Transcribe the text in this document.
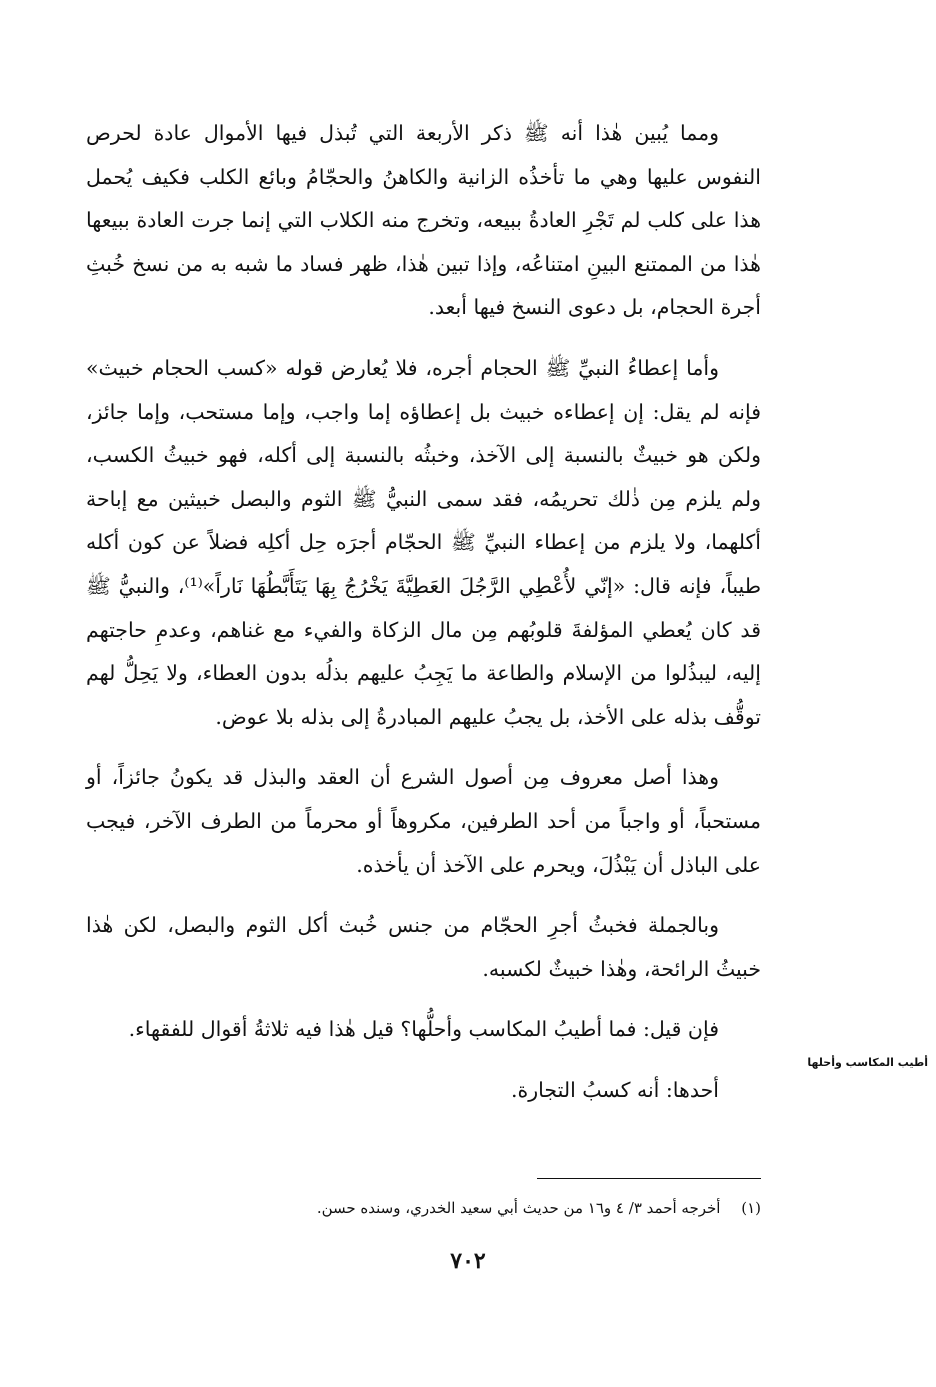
ومما يُبين هٰذا أنه ﷺ ذكر الأربعة التي تُبذل فيها الأموال عادة لحرص النفوس عليها وهي ما تأخذُه الزانية والكاهنُ والحجّامُ وبائع الكلب فكيف يُحمل هذا على كلب لم تَجْرِ العادةُ ببيعه، وتخرج منه الكلاب التي إنما جرت العادة ببيعها هٰذا من الممتنع البينِ امتناعُه، وإذا تبين هٰذا، ظهر فساد ما شبه به من نسخ خُبثِ أجرة الحجام، بل دعوى النسخ فيها أبعد.

وأما إعطاءُ النبيِّ ﷺ الحجام أجره، فلا يُعارض قوله «كسب الحجام خبيث» فإنه لم يقل: إن إعطاءه خبيث بل إعطاؤه إما واجب، وإما مستحب، وإما جائز، ولكن هو خبيثٌ بالنسبة إلى الآخذ، وخبثُه بالنسبة إلى أكله، فهو خبيثُ الكسب، ولم يلزم مِن ذٰلك تحريمُه، فقد سمى النبيُّ ﷺ الثوم والبصل خبيثين مع إباحة أكلهما، ولا يلزم من إعطاء النبيِّ ﷺ الحجّام أجرَه حِل أكلِه فضلاً عن كون أكله طيباً، فإنه قال: «إنّي لأُعْطِي الرَّجُلَ العَطِيَّةَ يَخْرُجُ بِهَا يَتَأَبَّطُهَا نَاراً»⁽¹⁾، والنبيُّ ﷺ قد كان يُعطي المؤلفةَ قلوبُهم مِن مال الزكاة والفيء مع غناهم، وعدمِ حاجتهم إليه، ليبذُلوا من الإسلام والطاعة ما يَجِبُ عليهم بذلُه بدون العطاء، ولا يَحِلُّ لهم توقُّف بذله على الأخذ، بل يجبُ عليهم المبادرةُ إلى بذله بلا عوض.

وهذا أصل معروف مِن أصول الشرع أن العقد والبذل قد يكونُ جائزاً، أو مستحباً، أو واجباً من أحد الطرفين، مكروهاً أو محرماً من الطرف الآخر، فيجب على الباذل أن يَبْذُلَ، ويحرم على الآخذ أن يأخذه.

وبالجملة فخبثُ أجرِ الحجّام من جنس خُبث أكل الثوم والبصل، لكن هٰذا خبيثُ الرائحة، وهٰذا خبيثٌ لكسبه.

فإن قيل: فما أطيبُ المكاسب وأحلُّها؟ قيل هٰذا فيه ثلاثةُ أقوال للفقهاء.

أحدها: أنه كسبُ التجارة.

أطيب المكاسب وأحلها
(١) أخرجه أحمد ٣/ ٤ و١٦ من حديث أبي سعيد الخدري، وسنده حسن.
٧٠٢
